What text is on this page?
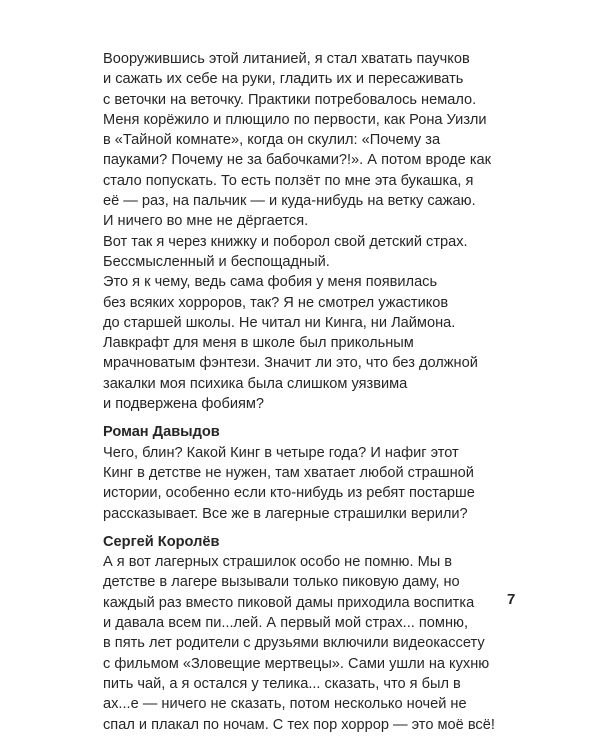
Вооружившись этой литанией, я стал хватать паучков
и сажать их себе на руки, гладить их и пересаживать
с веточки на веточку. Практики потребовалось немало.
Меня корёжило и плющило по первости, как Рона Уизли
в «Тайной комнате», когда он скулил: «Почему за
пауками? Почему не за бабочками?!». А потом вроде как
стало попускать. То есть ползёт по мне эта букашка, я
её — раз, на пальчик — и куда-нибудь на ветку сажаю.
И ничего во мне не дёргается.
Вот так я через книжку и поборол свой детский страх.
Бессмысленный и беспощадный.
Это я к чему, ведь сама фобия у меня появилась
без всяких хорроров, так? Я не смотрел ужастиков
до старшей школы. Не читал ни Кинга, ни Лаймона.
Лавкрафт для меня в школе был прикольным
мрачноватым фэнтези. Значит ли это, что без должной
закалки моя психика была слишком уязвима
и подвержена фобиям?
Роман Давыдов
Чего, блин? Какой Кинг в четыре года? И нафиг этот
Кинг в детстве не нужен, там хватает любой страшной
истории, особенно если кто-нибудь из ребят постарше
рассказывает. Все же в лагерные страшилки верили?
Сергей Королёв
А я вот лагерных страшилок особо не помню. Мы в
детстве в лагере вызывали только пиковую даму, но
каждый раз вместо пиковой дамы приходила воспитка
и давала всем пи...лей. А первый мой страх... помню,
в пять лет родители с друзьями включили видеокассету
с фильмом «Зловещие мертвецы». Сами ушли на кухню
пить чай, а я остался у телика... сказать, что я был в
ах...е — ничего не сказать, потом несколько ночей не
спал и плакал по ночам. С тех пор хоррор — это моё всё!
7
